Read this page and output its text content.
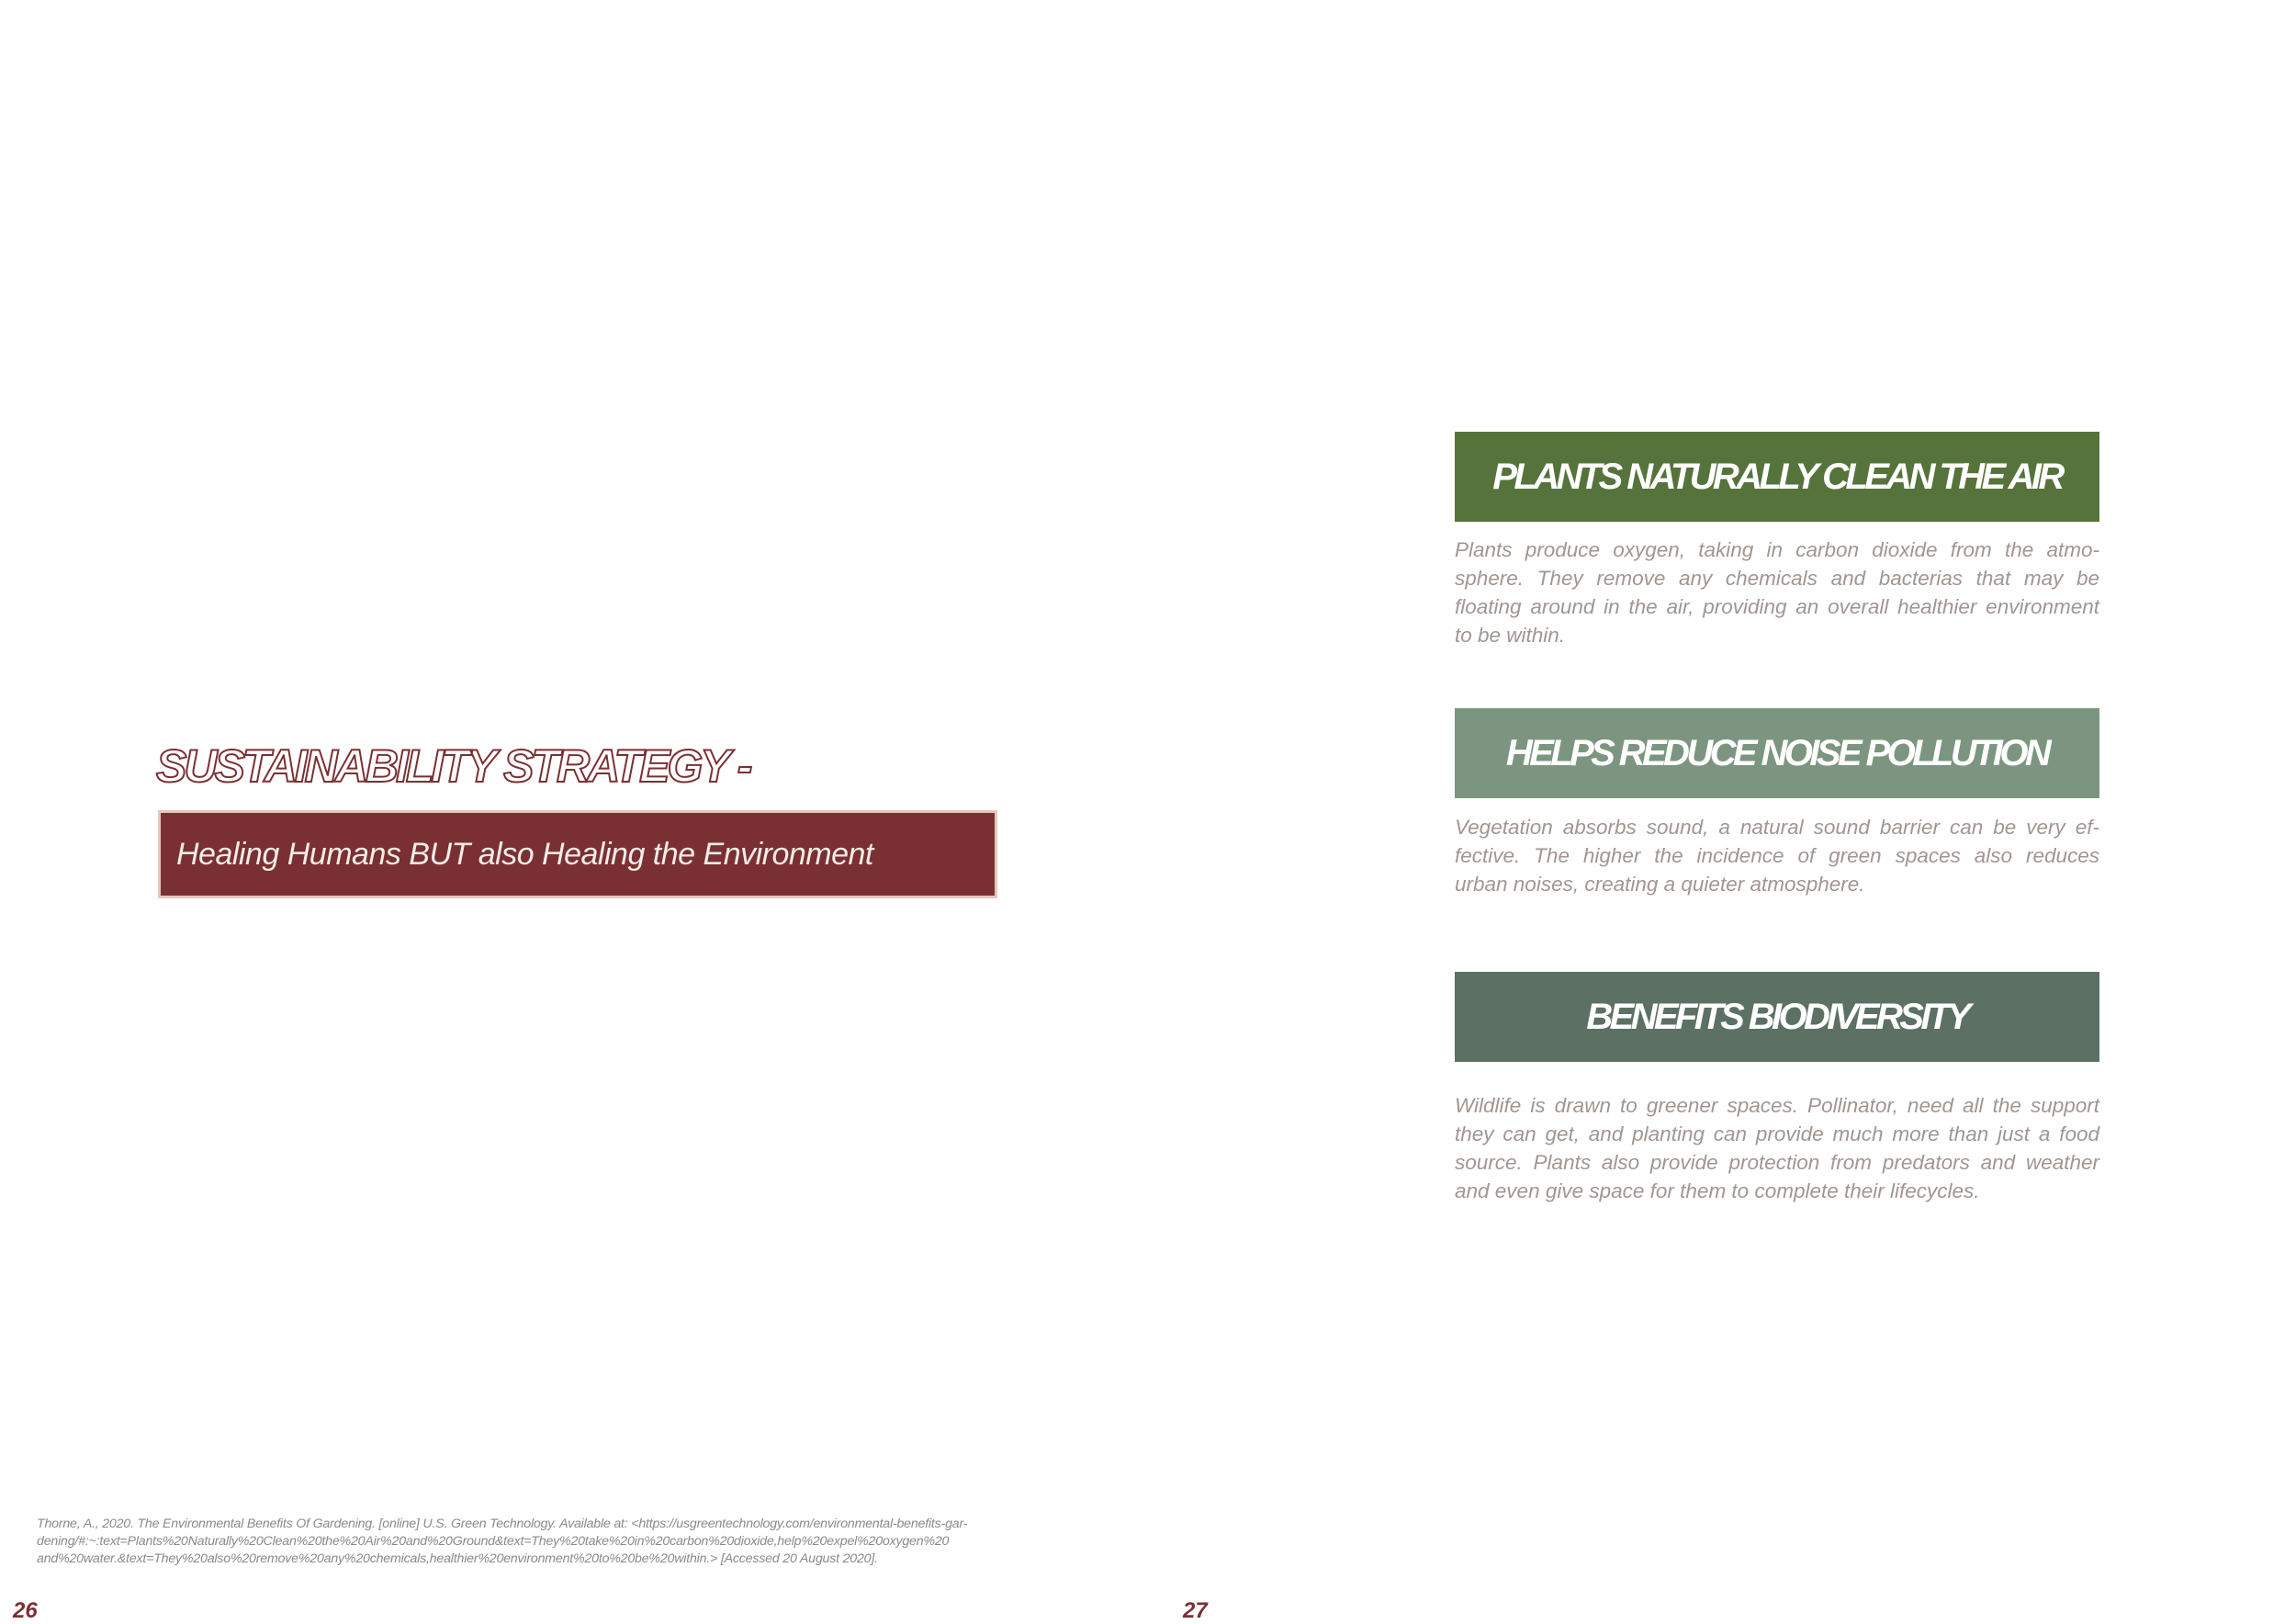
SUSTAINABILITY STRATEGY -
Healing Humans BUT also Healing the Environment

Thorne, A., 2020. The Environmental Benefits Of Gardening. [online] U.S. Green Technology. Available at: <https://usgreentechnology.com/environmental-benefits-gar-

dening/#:~:text=Plants%20Naturally%20Clean%20the%20Air%20and%20Ground&text=They%20take%20in%20carbon%20dioxide,help%20expel%20oxygen%20

and%20water.&text=They%20also%20remove%20any%20chemicals,healthier%20environment%20to%20be%20within.> [Accessed 20 August 2020].

26	27
PLANTS NATURALLY CLEAN THE AIR
Plants produce oxygen, taking in carbon dioxide from the atmo-
sphere. They remove any chemicals and bacterias that may be
floating around in the air, providing an overall healthier environment
to be within.
HELPS REDUCE NOISE POLLUTION
Vegetation absorbs sound, a natural sound barrier can be very ef-
fective. The higher the incidence of green spaces also reduces
urban noises, creating a quieter atmosphere.
BENEFITS BIODIVERSITY
Wildlife is drawn to greener spaces. Pollinator, need all the support
they can get, and planting can provide much more than just a food
source. Plants also provide protection from predators and weather
and even give space for them to complete their lifecycles.
